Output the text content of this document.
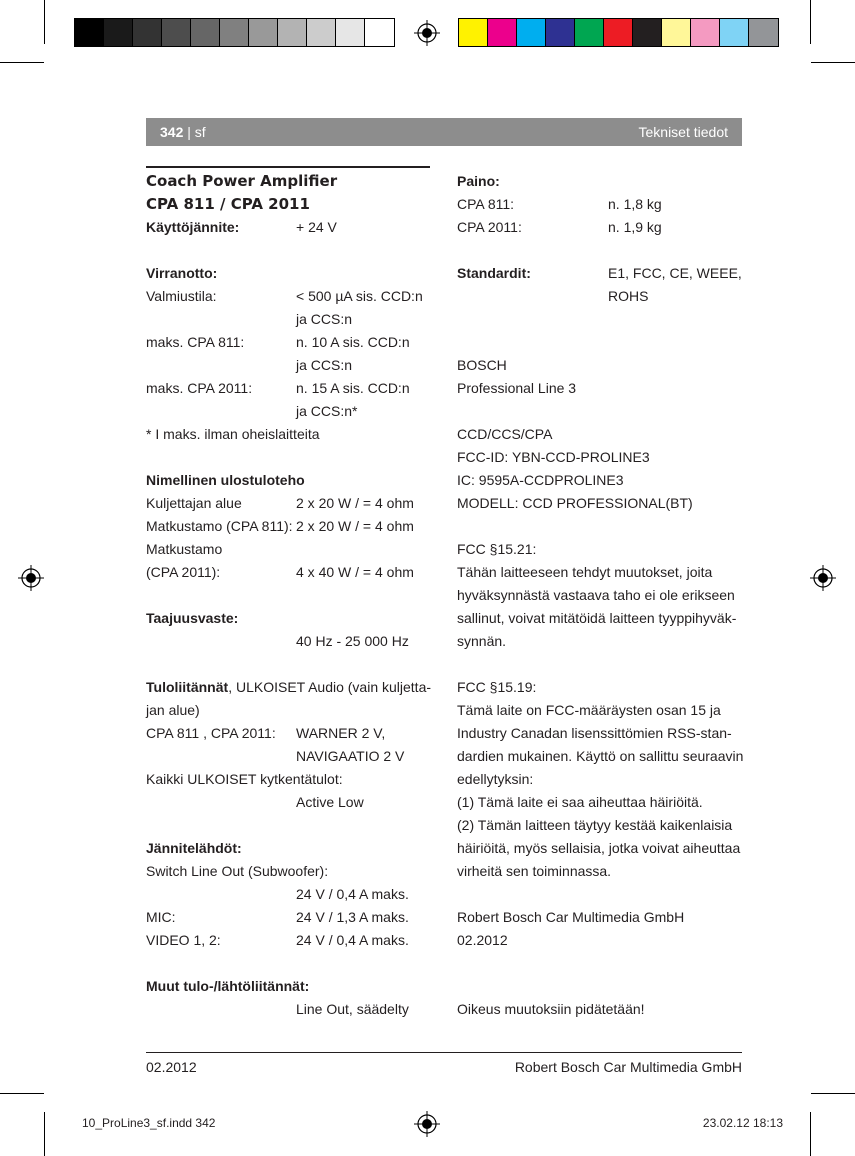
342 | sf	Tekniset tiedot
Coach Power Amplifier
CPA 811 / CPA 2011
Käyttöjännite:	+ 24 V
Virranotto:
Valmiustila:	< 500 µA sis. CCD:n
ja CCS:n
maks. CPA 811:	n. 10 A sis. CCD:n
ja CCS:n
maks. CPA 2011:	n. 15 A sis. CCD:n
ja CCS:n*
* I maks. ilman oheislaitteita
Nimellinen ulostuloteho
Kuljettajan alue	2 x 20 W / = 4 ohm
Matkustamo (CPA 811): 2 x 20 W / = 4 ohm
Matkustamo
(CPA 2011):	4 x 40 W / = 4 ohm
Taajuusvaste:
40 Hz - 25 000 Hz
Tuloliitännät, ULKOISET Audio (vain kuljetta-
jan alue)
CPA 811 , CPA 2011: WARNER 2 V,
NAVIGAATIO 2 V
Kaikki ULKOISET kytkentätulot:
Active Low
Jännitelähdöt:
Switch Line Out (Subwoofer):
24 V / 0,4 A maks.
MIC:	24 V / 1,3 A maks.
VIDEO 1, 2:	24 V / 0,4 A maks.
Muut tulo-/lähtöliitännät:
Line Out, säädelty
Paino:
CPA 811:	n. 1,8 kg
CPA 2011:	n. 1,9 kg
Standardit:	E1, FCC, CE, WEEE,
ROHS
BOSCH
Professional Line 3
CCD/CCS/CPA
FCC-ID: YBN-CCD-PROLINE3
IC: 9595A-CCDPROLINE3
MODELL: CCD PROFESSIONAL(BT)
FCC §15.21:
Tähän laitteeseen tehdyt muutokset, joita
hyväksynnästä vastaava taho ei ole erikseen
sallinut, voivat mitätöidä laitteen tyyppihyväk-
synnän.
FCC §15.19:
Tämä laite on FCC-määräysten osan 15 ja
Industry Canadan lisenssittömien RSS-stan-
dardien mukainen. Käyttö on sallittu seuraavin
edellytyksin:
(1) Tämä laite ei saa aiheuttaa häiriöitä.
(2) Tämän laitteen täytyy kestää kaikenlaisia
häiriöitä, myös sellaisia, jotka voivat aiheuttaa
virheitä sen toiminnassa.
Robert Bosch Car Multimedia GmbH
02.2012
Oikeus muutoksiin pidätetään!
02.2012	Robert Bosch Car Multimedia GmbH
10_ProLine3_sf.indd 342	23.02.12 18:13
